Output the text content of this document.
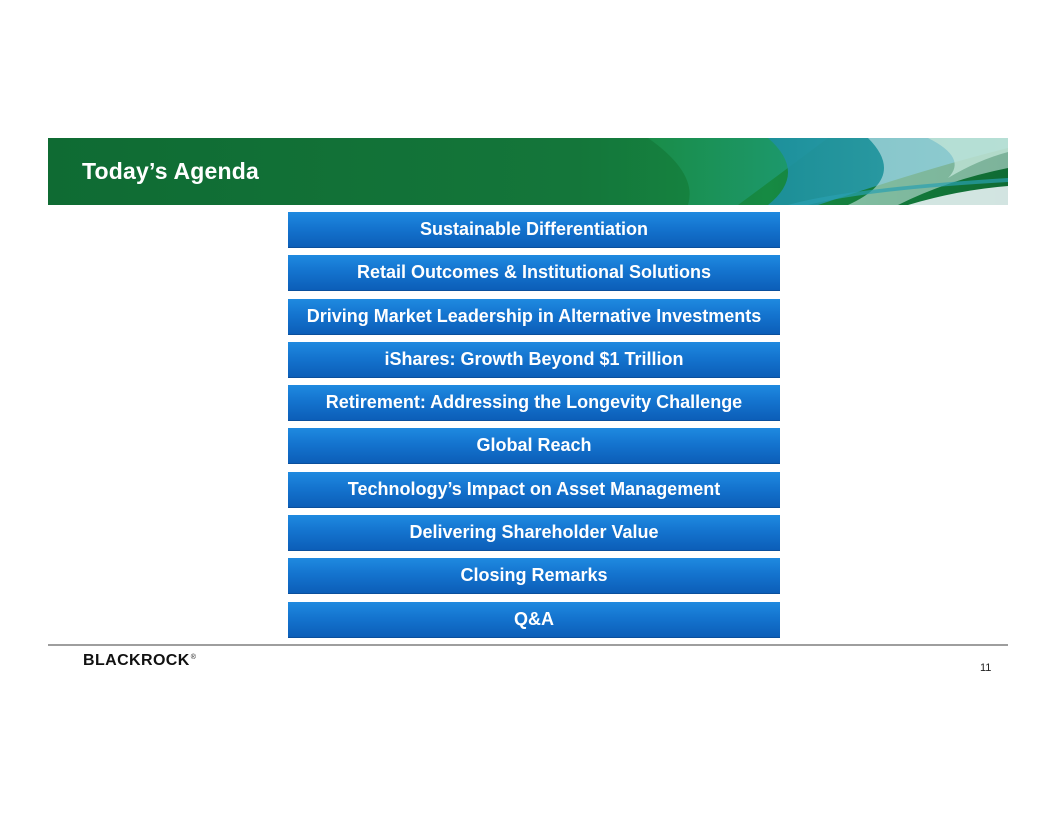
Today’s Agenda
Sustainable Differentiation
Retail Outcomes & Institutional Solutions
Driving Market Leadership in Alternative Investments
iShares: Growth Beyond $1 Trillion
Retirement: Addressing the Longevity Challenge
Global Reach
Technology’s Impact on Asset Management
Delivering Shareholder Value
Closing Remarks
Q&A
BLACKROCK®
11
